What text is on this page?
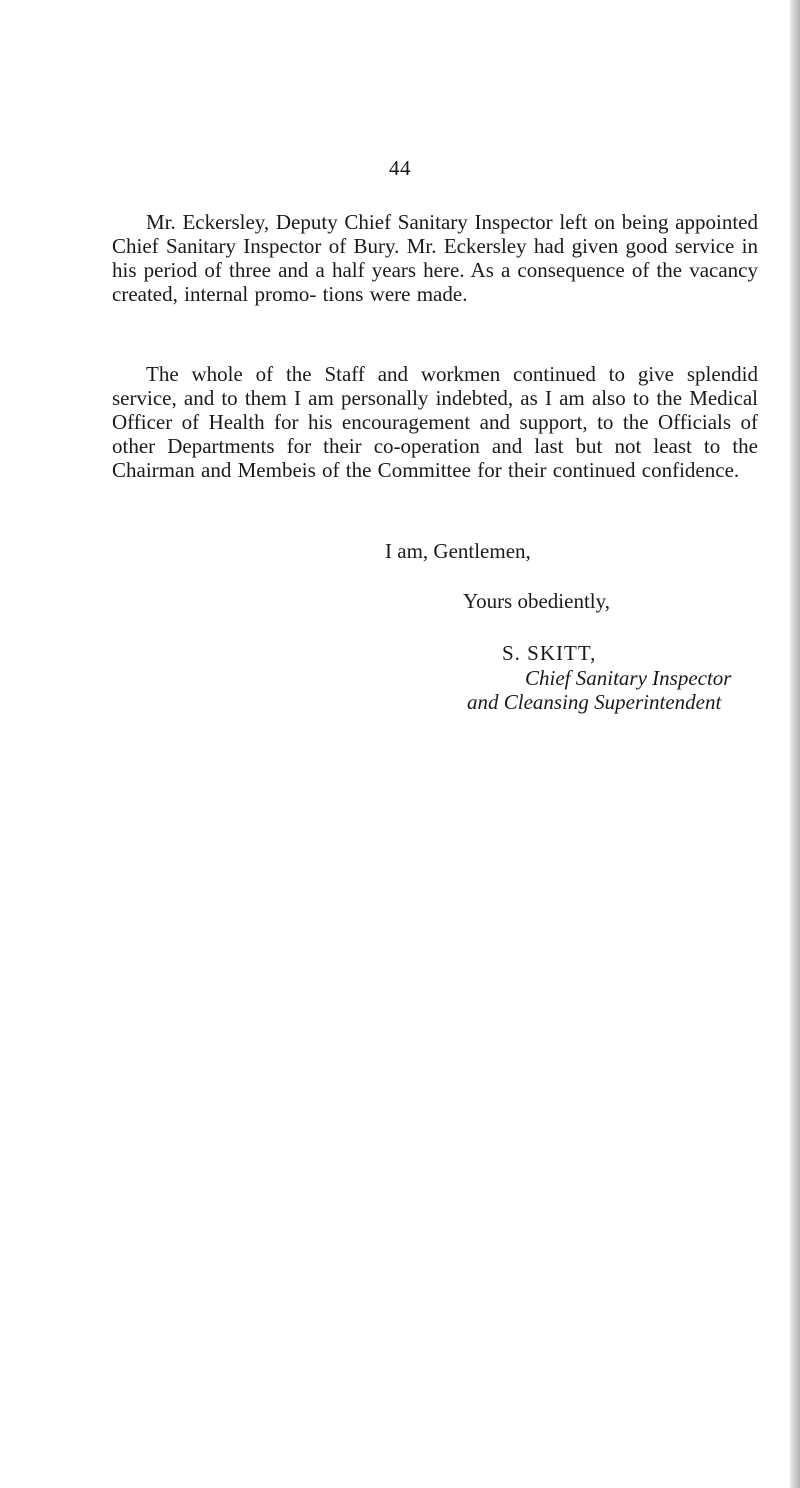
44

Mr. Eckersley, Deputy Chief Sanitary Inspector left on being appointed Chief Sanitary Inspector of Bury. Mr. Eckersley had given good service in his period of three and a half years here. As a consequence of the vacancy created, internal promo- tions were made.

The whole of the Staff and workmen continued to give splendid service, and to them I am personally indebted, as I am also to the Medical Officer of Health for his encouragement and support, to the Officials of other Departments for their co-operation and last but not least to the Chairman and Membeis of the Committee for their continued confidence.

I am, Gentlemen,
Yours obediently,
S. SKITT,
Chief Sanitary Inspector
and Cleansing Superintendent
